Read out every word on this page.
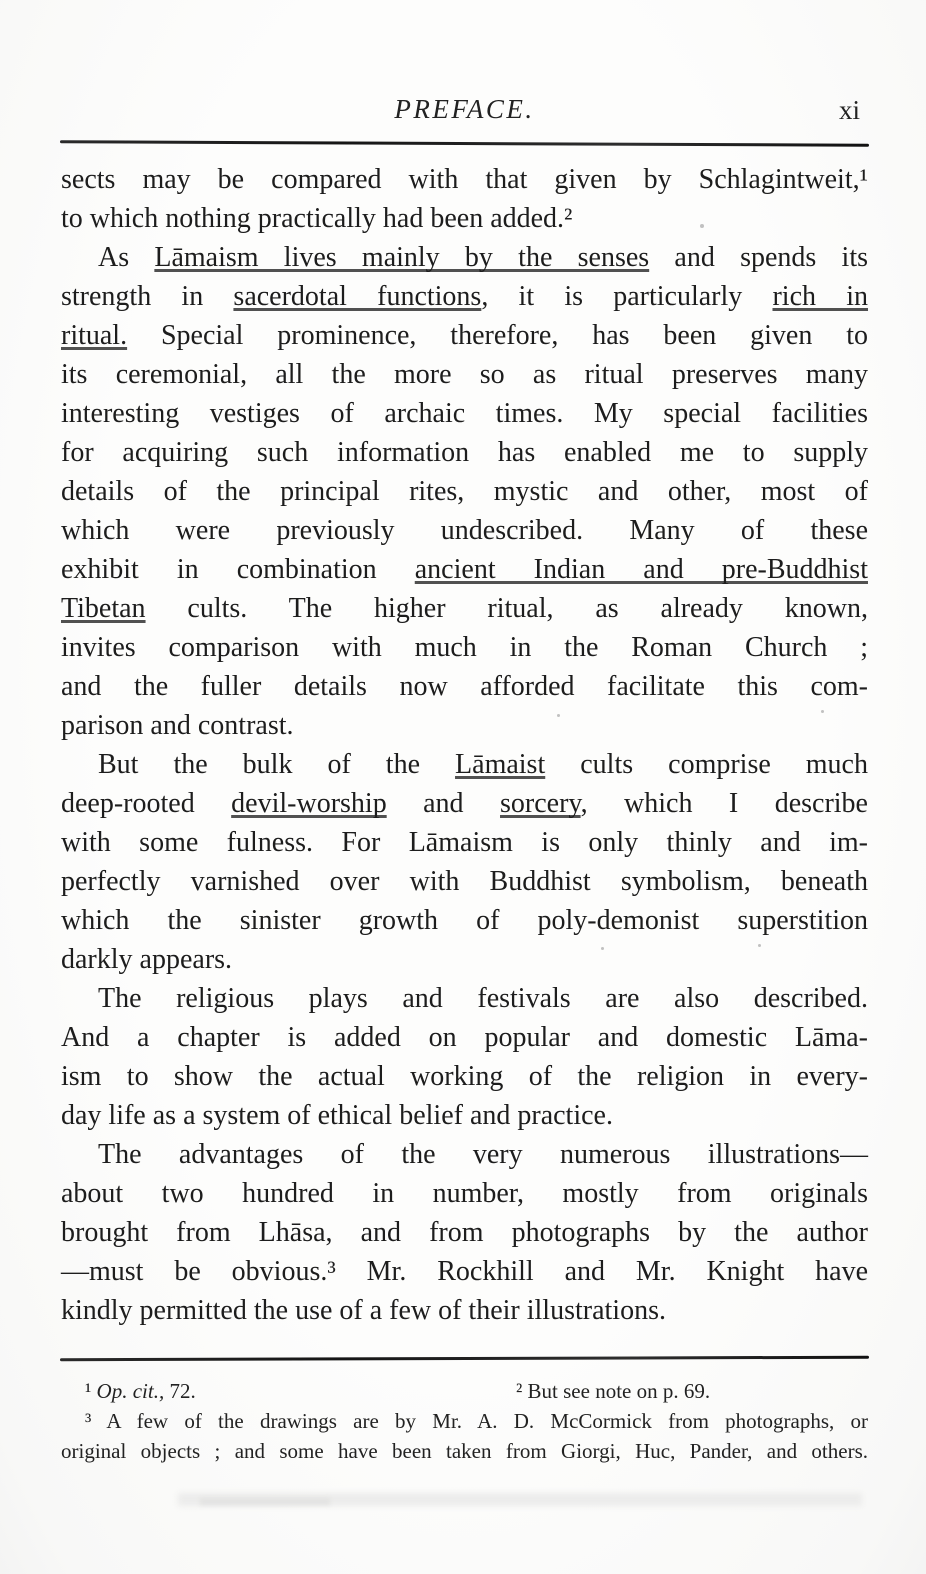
PREFACE.	xi

sects may be compared with that given by Schlagintweit,¹
to which nothing practically had been added.²

As Lāmaism lives mainly by the senses and spends its
strength in sacerdotal functions, it is particularly rich in
ritual. Special prominence, therefore, has been given to
its ceremonial, all the more so as ritual preserves many
interesting vestiges of archaic times. My special facilities
for acquiring such information has enabled me to supply
details of the principal rites, mystic and other, most of
which were previously undescribed. Many of these
exhibit in combination ancient Indian and pre-Buddhist
Tibetan cults. The higher ritual, as already known,
invites comparison with much in the Roman Church ;
and the fuller details now afforded facilitate this com-
parison and contrast.

But the bulk of the Lāmaist cults comprise much
deep-rooted devil-worship and sorcery, which I describe
with some fulness. For Lāmaism is only thinly and im-
perfectly varnished over with Buddhist symbolism, beneath
which the sinister growth of poly-demonist superstition
darkly appears.

The religious plays and festivals are also described.
And a chapter is added on popular and domestic Lāma-
ism to show the actual working of the religion in every-
day life as a system of ethical belief and practice.

The advantages of the very numerous illustrations—
about two hundred in number, mostly from originals
brought from Lhāsa, and from photographs by the author
—must be obvious.³ Mr. Rockhill and Mr. Knight have
kindly permitted the use of a few of their illustrations.

¹ Op. cit., 72.	² But see note on p. 69.
³ A few of the drawings are by Mr. A. D. McCormick from photographs, or
original objects ; and some have been taken from Giorgi, Huc, Pander, and others.
